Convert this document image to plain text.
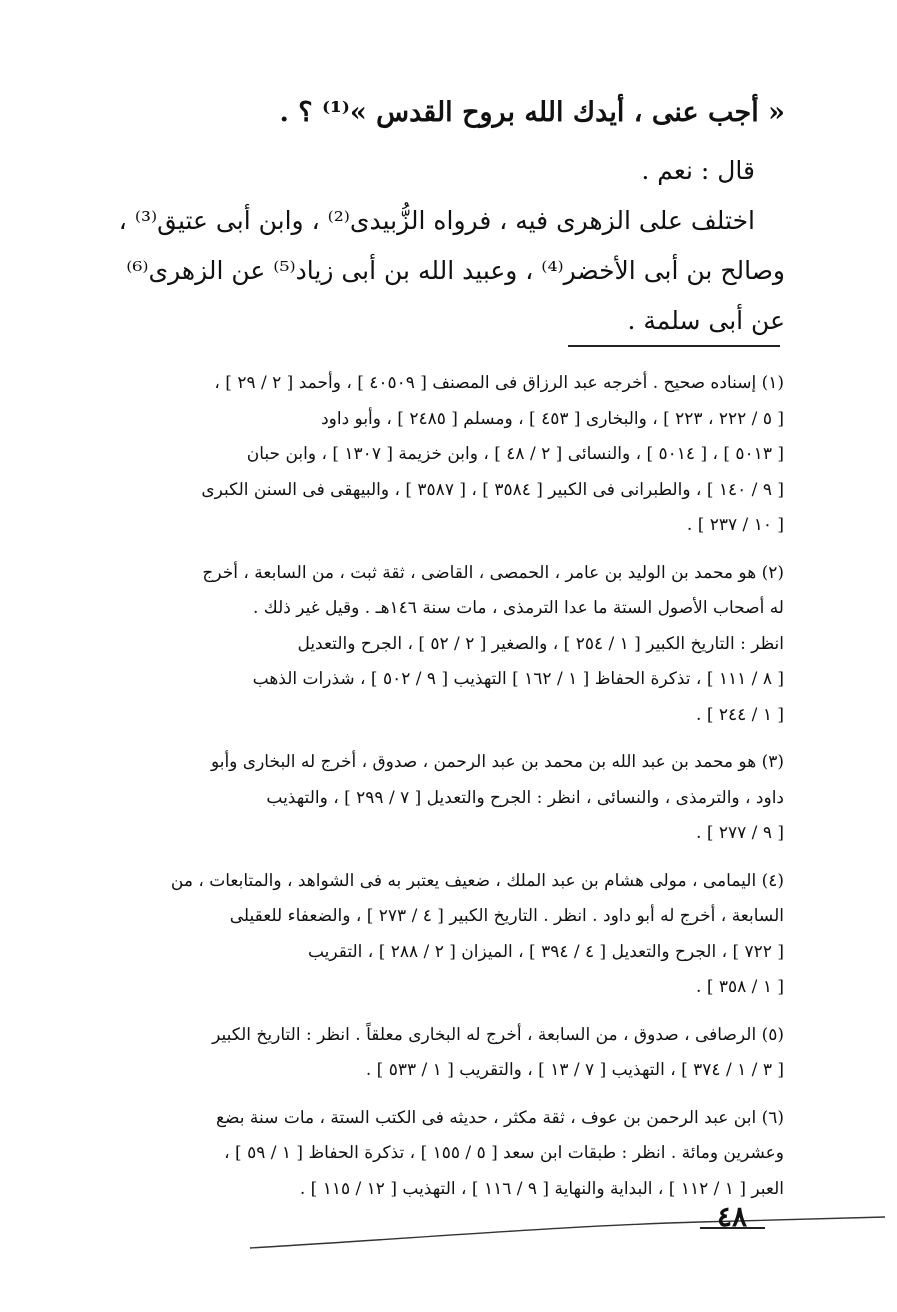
« أجب عنى ، أيدك الله بروح القدس »⁽¹⁾ ؟ .
قال : نعم .
اختلف على الزهرى فيه ، فرواه الزُّبيدى⁽²⁾ ، وابن أبى عتيق⁽³⁾ ،
وصالح بن أبى الأخضر⁽⁴⁾ ، وعبيد الله بن أبى زياد⁽⁵⁾ عن الزهرى⁽⁶⁾
عن أبى سلمة .
(١) إسناده صحيح . أخرجه عبد الرزاق فى المصنف [ ٤٠٥٠٩ ] ، وأحمد [ ٢ / ٢٩ ] ،
[ ٥ / ٢٢٢ ، ٢٢٣ ] ، والبخارى [ ٤٥٣ ] ، ومسلم [ ٢٤٨٥ ] ، وأبو داود
[ ٥٠١٣ ] ، [ ٥٠١٤ ] ، والنسائى [ ٢ / ٤٨ ] ، وابن خزيمة [ ١٣٠٧ ] ، وابن حبان
[ ٩ / ١٤٠ ] ، والطبرانى فى الكبير [ ٣٥٨٤ ] ، [ ٣٥٨٧ ] ، والبيهقى فى السنن الكبرى
[ ١٠ / ٢٣٧ ] .
(٢) هو محمد بن الوليد بن عامر ، الحمصى ، القاضى ، ثقة ثبت ، من السابعة ، أخرج
له أصحاب الأصول الستة ما عدا الترمذى ، مات سنة ١٤٦هـ . وقيل غير ذلك .
انظر : التاريخ الكبير [ ١ / ٢٥٤ ] ، والصغير [ ٢ / ٥٢ ] ، الجرح والتعديل
[ ٨ / ١١١ ] ، تذكرة الحفاظ [ ١ / ١٦٢ ] التهذيب [ ٩ / ٥٠٢ ] ، شذرات الذهب
[ ١ / ٢٤٤ ] .
(٣) هو محمد بن عبد الله بن محمد بن عبد الرحمن ، صدوق ، أخرج له البخارى وأبو
داود ، والترمذى ، والنسائى ، انظر : الجرح والتعديل [ ٧ / ٢٩٩ ] ، والتهذيب
[ ٩ / ٢٧٧ ] .
(٤) اليمامى ، مولى هشام بن عبد الملك ، ضعيف يعتبر به فى الشواهد ، والمتابعات ، من
السابعة ، أخرج له أبو داود . انظر . التاريخ الكبير [ ٤ / ٢٧٣ ] ، والضعفاء للعقيلى
[ ٧٢٢ ] ، الجرح والتعديل [ ٤ / ٣٩٤ ] ، الميزان [ ٢ / ٢٨٨ ] ، التقريب
[ ١ / ٣٥٨ ] .
(٥) الرصافى ، صدوق ، من السابعة ، أخرج له البخارى معلقاً . انظر : التاريخ الكبير
[ ٣ / ١ / ٣٧٤ ] ، التهذيب [ ٧ / ١٣ ] ، والتقريب [ ١ / ٥٣٣ ] .
(٦) ابن عبد الرحمن بن عوف ، ثقة مكثر ، حديثه فى الكتب الستة ، مات سنة بضع
وعشرين ومائة . انظر : طبقات ابن سعد [ ٥ / ١٥٥ ] ، تذكرة الحفاظ [ ١ / ٥٩ ] ،
العبر [ ١ / ١١٢ ] ، البداية والنهاية [ ٩ / ١١٦ ] ، التهذيب [ ١٢ / ١١٥ ] .
٤٨
